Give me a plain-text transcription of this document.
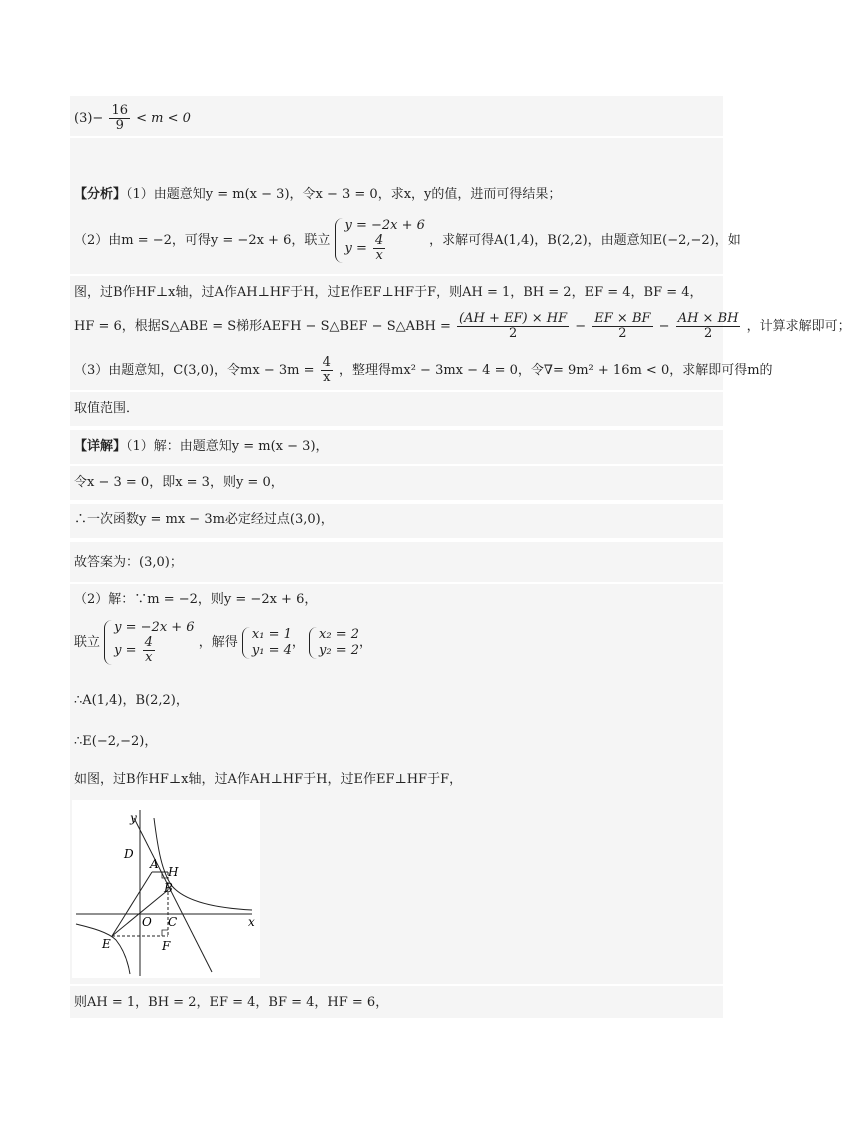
$(3)- \frac{16}{9} < m < 0$
【分析】（1）由题意知y = m(x − 3)，令x − 3 = 0，求x，y的值，进而可得结果；
（2）由m = −2，可得y = −2x + 6，联立
y = −2x + 6
$y = \frac{4}{x}$	，求解可得A(1,4)，B(2,2)，由题意知E(−2,−2)，如
图，过B作HF⊥x轴，过A作AH⊥HF于H，过E作EF⊥HF于F，则AH = 1，BH = 2，EF = 4，BF = 4，
HF = 6，根据S△ABE = S梯形AEFH − S△BEF − S△ABH = $\frac{(AH + EF) \times HF}{2} - \frac{EF \times BF}{2} - \frac{AH \times BH}{2}$ ，计算求解即可；
（3）由题意知，C(3,0)，令mx − $3m = \frac{4}{x}$ ，整理得mx² − 3mx − 4 = 0，令∇= 9m² + 16m < 0，求解即可得m的
取值范围．
【详解】（1）解：由题意知y = m(x − 3)，
令x − 3 = 0，即x = 3，则y = 0，
∴一次函数y = mx − 3m必定经过点(3,0)，
故答案为：(3,0)；
（2）解：∵m = −2，则y = −2x + 6，
联立
y = −2x + 6
$y = \frac{4}{x}$	，解得
x₁ = 1
y₁ = 4 ，
x₂ = 2
y₂ = 2 ，
∴A(1,4)，B(2,2)，
∴E(−2,−2)，
如图，过B作HF⊥x轴，过A作AH⊥HF于H，过E作EF⊥HF于F，
y
x
D
A
H
B
O C
E	F
则AH = 1，BH = 2，EF = 4，BF = 4，HF = 6，
